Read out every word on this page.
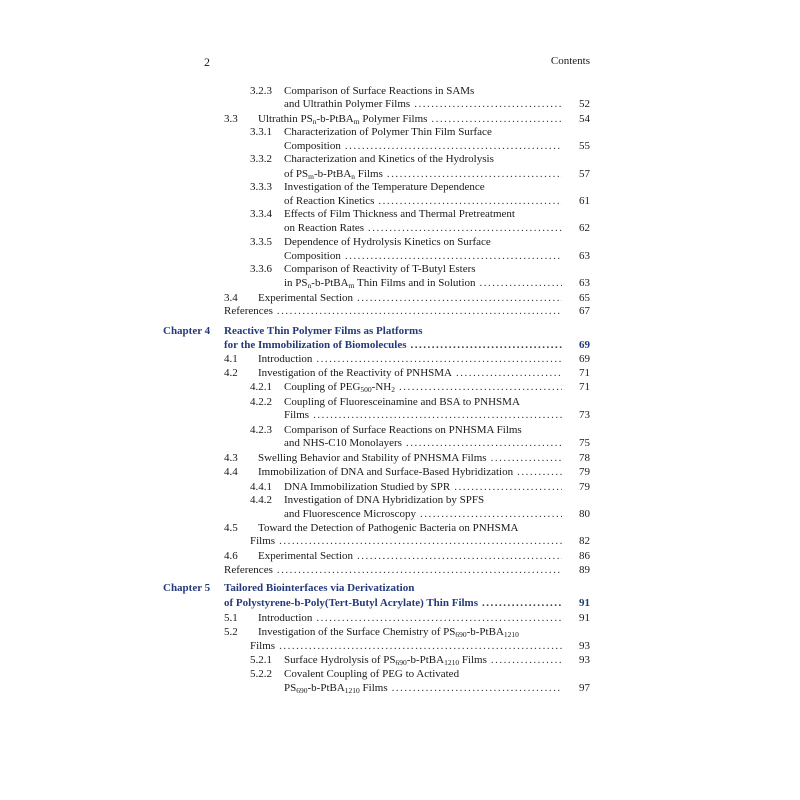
2	Contents
3.2.3	Comparison of Surface Reactions in SAMs
and Ultrathin Polymer Films .....	52
3.3	Ultrathin $PS_n-b-PtBA_m$ Polymer Films .....	54
3.3.1	Characterization of Polymer Thin Film Surface
Composition .....	55
3.3.2	Characterization and Kinetics of the Hydrolysis
of $PS_m-b-PtBA_n$ Films .....	57
3.3.3	Investigation of the Temperature Dependence
of Reaction Kinetics .....	61
3.3.4	Effects of Film Thickness and Thermal Pretreatment
on Reaction Rates .....	62
3.3.5	Dependence of Hydrolysis Kinetics on Surface
Composition .....	63
3.3.6	Comparison of Reactivity of T-Butyl Esters
in $PS_n-b-PtBA_m$ Thin Films and in Solution .....	63
3.4	Experimental Section .....	65
References .....	67
Chapter 4 Reactive Thin Polymer Films as Platforms
for the Immobilization of Biomolecules .....	69
4.1	Introduction .....	69
4.2	Investigation of the Reactivity of PNHSMA .....	71
4.2.1	Coupling of $PEG_{500}-NH_2$ .....	71
4.2.2	Coupling of Fluoresceinamine and BSA to PNHSMA
Films .....	73
4.2.3	Comparison of Surface Reactions on PNHSMA Films
and NHS-C10 Monolayers .....	75
4.3	Swelling Behavior and Stability of PNHSMA Films .....	78
4.4	Immobilization of DNA and Surface-Based Hybridization .....	79
4.4.1	DNA Immobilization Studied by SPR .....	79
4.4.2	Investigation of DNA Hybridization by SPFS
and Fluorescence Microscopy .....	80
4.5	Toward the Detection of Pathogenic Bacteria on PNHSMA
Films .....	82
4.6	Experimental Section .....	86
References .....	89
Chapter 5 Tailored Biointerfaces via Derivatization
of Polystyrene-b-Poly(Tert-Butyl Acrylate) Thin Films .....	91
5.1	Introduction .....	91
5.2	Investigation of the Surface Chemistry of $PS_{690}-b-PtBA_{1210}$
Films .....	93
5.2.1	Surface Hydrolysis of $PS_{690}-b-PtBA_{1210}$ Films .....	93
5.2.2	Covalent Coupling of PEG to Activated
$PS_{690}-b-PtBA_{1210}$ Films .....	97
